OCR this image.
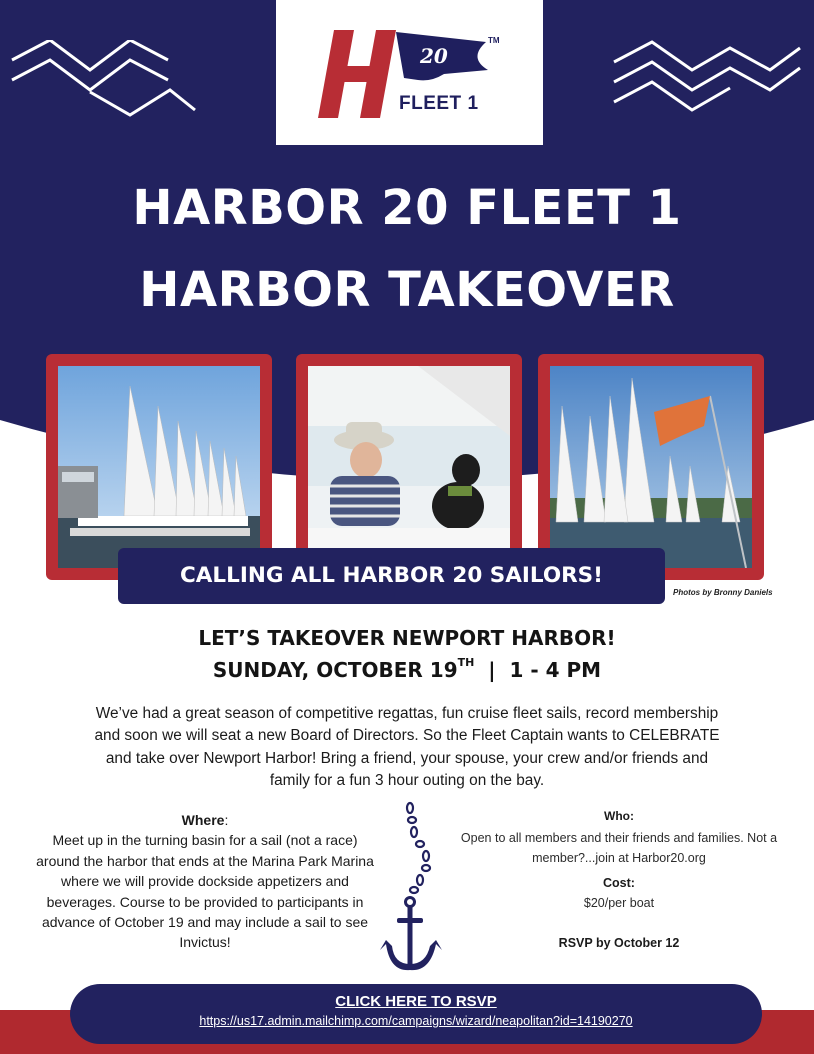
20
FLEET 1
TM
HARBOR 20 FLEET 1
HARBOR TAKEOVER
CALLING ALL HARBOR 20 SAILORS!
Photos by Bronny Daniels
LET’S TAKEOVER NEWPORT HARBOR!
SUNDAY, OCTOBER 19TH  |  1 - 4 PM

We’ve had a great season of competitive regattas, fun cruise fleet sails, record membership and soon we will seat a new Board of Directors. So the Fleet Captain wants to CELEBRATE and take over Newport Harbor! Bring a friend, your spouse, your crew and/or friends and family for a fun 3 hour outing on the bay.

Where:
Meet up in the turning basin for a sail (not a race) around the harbor that ends at the Marina Park Marina where we will provide dockside appetizers and beverages. Course to be provided to participants in advance of October 19 and may include a sail to see Invictus!
Who:
Open to all members and their friends and families. Not a member?...join at Harbor20.org
Cost:
$20/per boat
RSVP by October 12
CLICK HERE TO RSVP
https://us17.admin.mailchimp.com/campaigns/wizard/neapolitan?id=14190270
